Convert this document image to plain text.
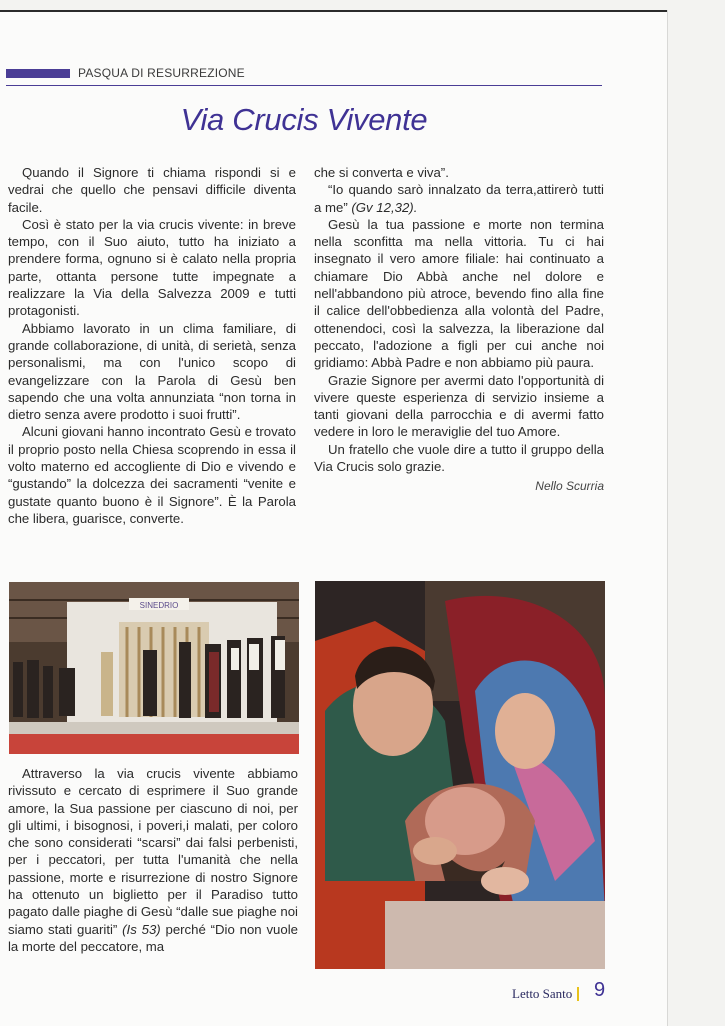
PASQUA DI RESURREZIONE
Via Crucis Vivente

Quando il Signore ti chiama rispondi si e vedrai che quello che pensavi difficile diventa facile.

Così è stato per la via crucis vivente: in breve tempo, con il Suo aiuto, tutto ha iniziato a prendere forma, ognuno si è calato nella propria parte, ottanta persone tutte impegnate a realizzare la Via della Salvezza 2009 e tutti protagonisti.

Abbiamo lavorato in un clima familiare, di grande collaborazione, di unità, di serietà, senza personalismi, ma con l'unico scopo di evangelizzare con la Parola di Gesù ben sapendo che una volta annunziata “non torna in dietro senza avere prodotto i suoi frutti”.

Alcuni giovani hanno incontrato Gesù e trovato il proprio posto nella Chiesa scoprendo in essa il volto materno ed accogliente di Dio e vivendo e “gustando” la dolcezza dei sacramenti “venite e gustate quanto buono è il Signore”. È la Parola che libera, guarisce, converte.

che si converta e viva”.

“Io quando sarò innalzato da terra,attirerò tutti a me” (Gv 12,32).

Gesù la tua passione e morte non termina nella sconfitta ma nella vittoria. Tu ci hai insegnato il vero amore filiale: hai continuato a chiamare Dio Abbà anche nel dolore e nell'abbandono più atroce, bevendo fino alla fine il calice dell'obbedienza alla volontà del Padre, ottenendoci, così la salvezza, la liberazione dal peccato, l'adozione a figli per cui anche noi gridiamo: Abbà Padre e non abbiamo più paura.

Grazie Signore per avermi dato l'opportunità di vivere queste esperienza di servizio insieme a tanti giovani della parrocchia e di avermi fatto vedere in loro le meraviglie del tuo Amore.

Un fratello che vuole dire a tutto il gruppo della Via Crucis solo grazie.

Nello Scurria

Attraverso la via crucis vivente abbiamo rivissuto e cercato di esprimere il Suo grande amore, la Sua passione per ciascuno di noi, per gli ultimi, i bisognosi, i poveri,i malati, per coloro che sono considerati “scarsi” dai falsi perbenisti, per i peccatori, per tutta l'umanità che nella passione, morte e risurrezione di nostro Signore ha ottenuto un biglietto per il Paradiso tutto pagato dalle piaghe di Gesù “dalle sue piaghe noi siamo stati guariti” (Is 53) perché “Dio non vuole la morte del peccatore, ma

SINEDRIO
Letto Santo 9
